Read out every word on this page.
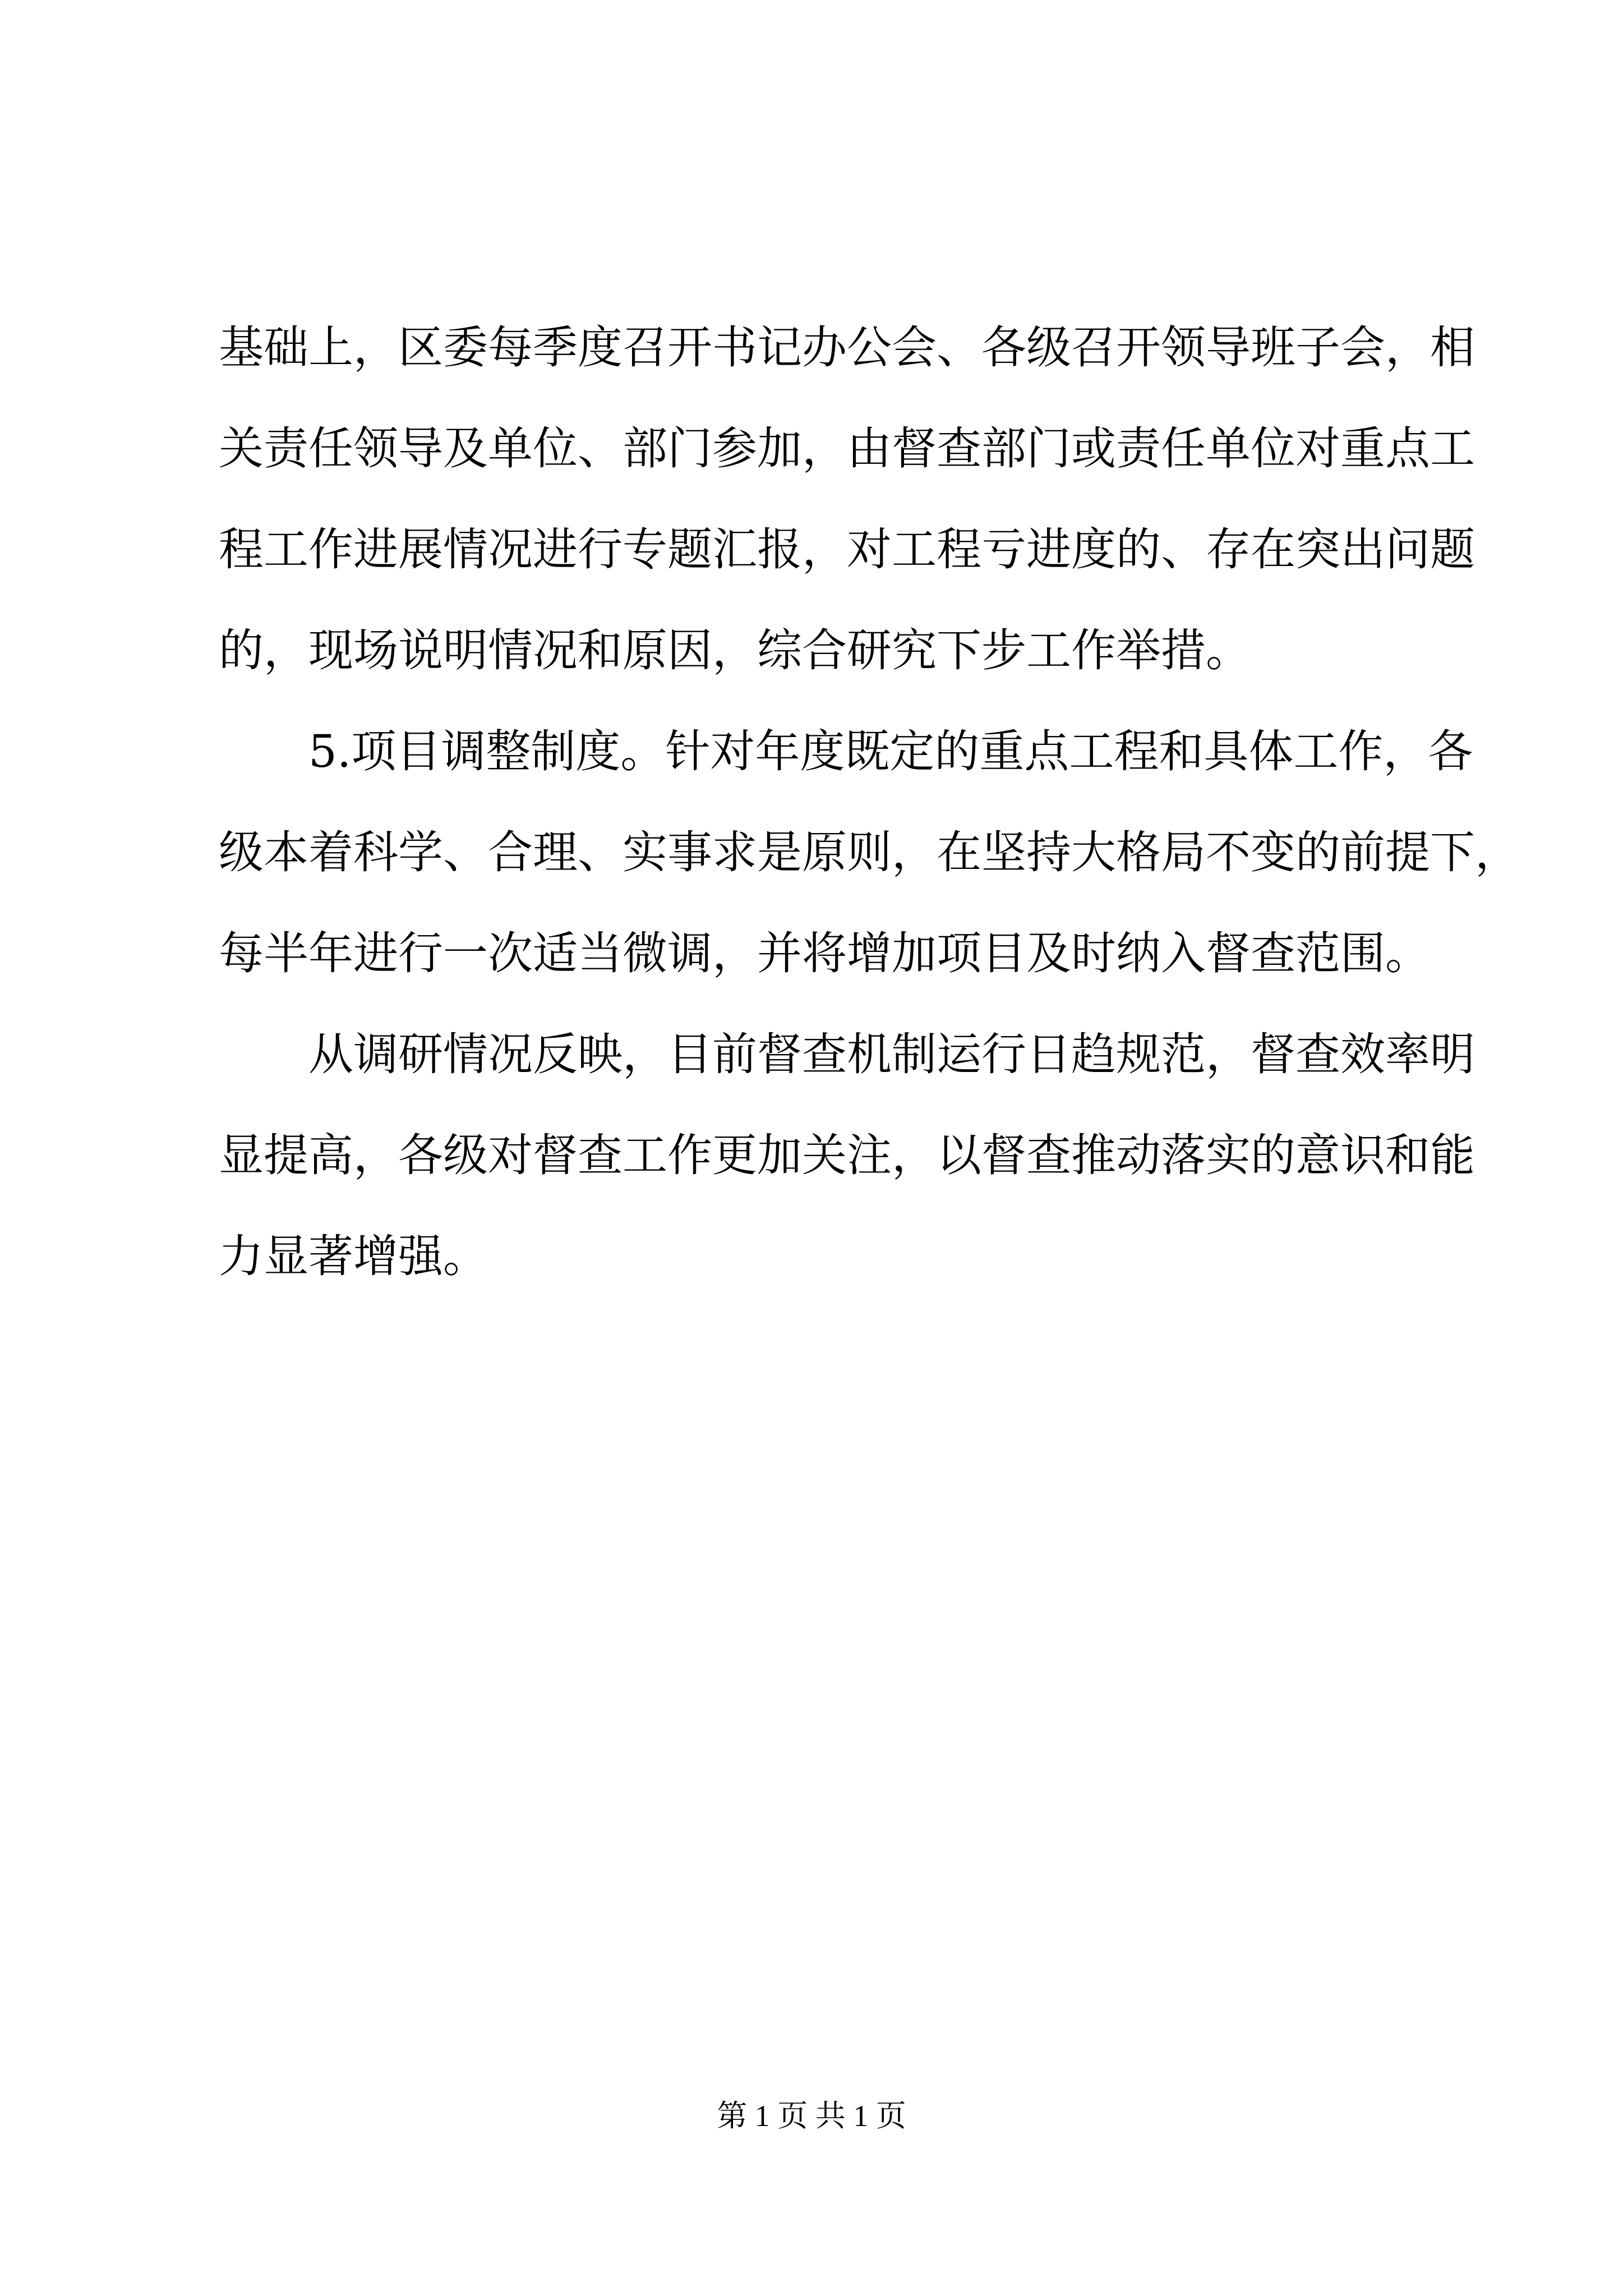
基础上，区委每季度召开书记办公会、各级召开领导班子会，相
关责任领导及单位、部门参加，由督查部门或责任单位对重点工
程工作进展情况进行专题汇报，对工程亏进度的、存在突出问题
的，现场说明情况和原因，综合研究下步工作举措。
5.项目调整制度。针对年度既定的重点工程和具体工作，各
级本着科学、合理、实事求是原则，在坚持大格局不变的前提下，
每半年进行一次适当微调，并将增加项目及时纳入督查范围。
从调研情况反映，目前督查机制运行日趋规范，督查效率明
显提高，各级对督查工作更加关注，以督查推动落实的意识和能
力显著增强。
第 1 页 共 1 页
